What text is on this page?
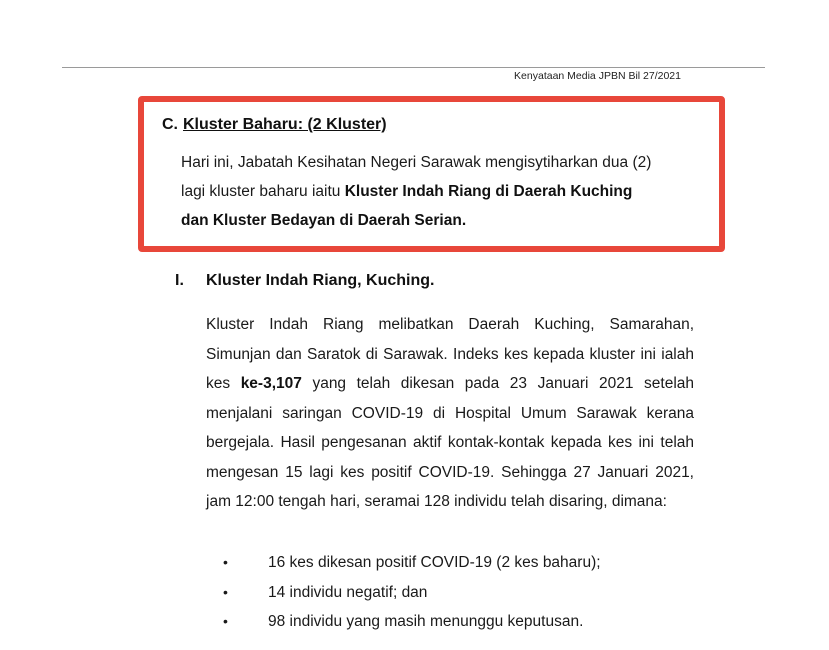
Kenyataan Media JPBN Bil 27/2021
C. Kluster Baharu: (2 Kluster)
Hari ini, Jabatah Kesihatan Negeri Sarawak mengisytiharkan dua (2)
lagi kluster baharu iaitu Kluster Indah Riang di Daerah Kuching
dan Kluster Bedayan di Daerah Serian.
I. Kluster Indah Riang, Kuching.
Kluster Indah Riang melibatkan Daerah Kuching, Samarahan, Simunjan dan Saratok di Sarawak. Indeks kes kepada kluster ini ialah kes ke-3,107 yang telah dikesan pada 23 Januari 2021 setelah menjalani saringan COVID-19 di Hospital Umum Sarawak kerana bergejala. Hasil pengesanan aktif kontak-kontak kepada kes ini telah mengesan 15 lagi kes positif COVID-19. Sehingga 27 Januari 2021, jam 12:00 tengah hari, seramai 128 individu telah disaring, dimana:
•	16 kes dikesan positif COVID-19 (2 kes baharu);
•	14 individu negatif; dan
•	98 individu yang masih menunggu keputusan.
